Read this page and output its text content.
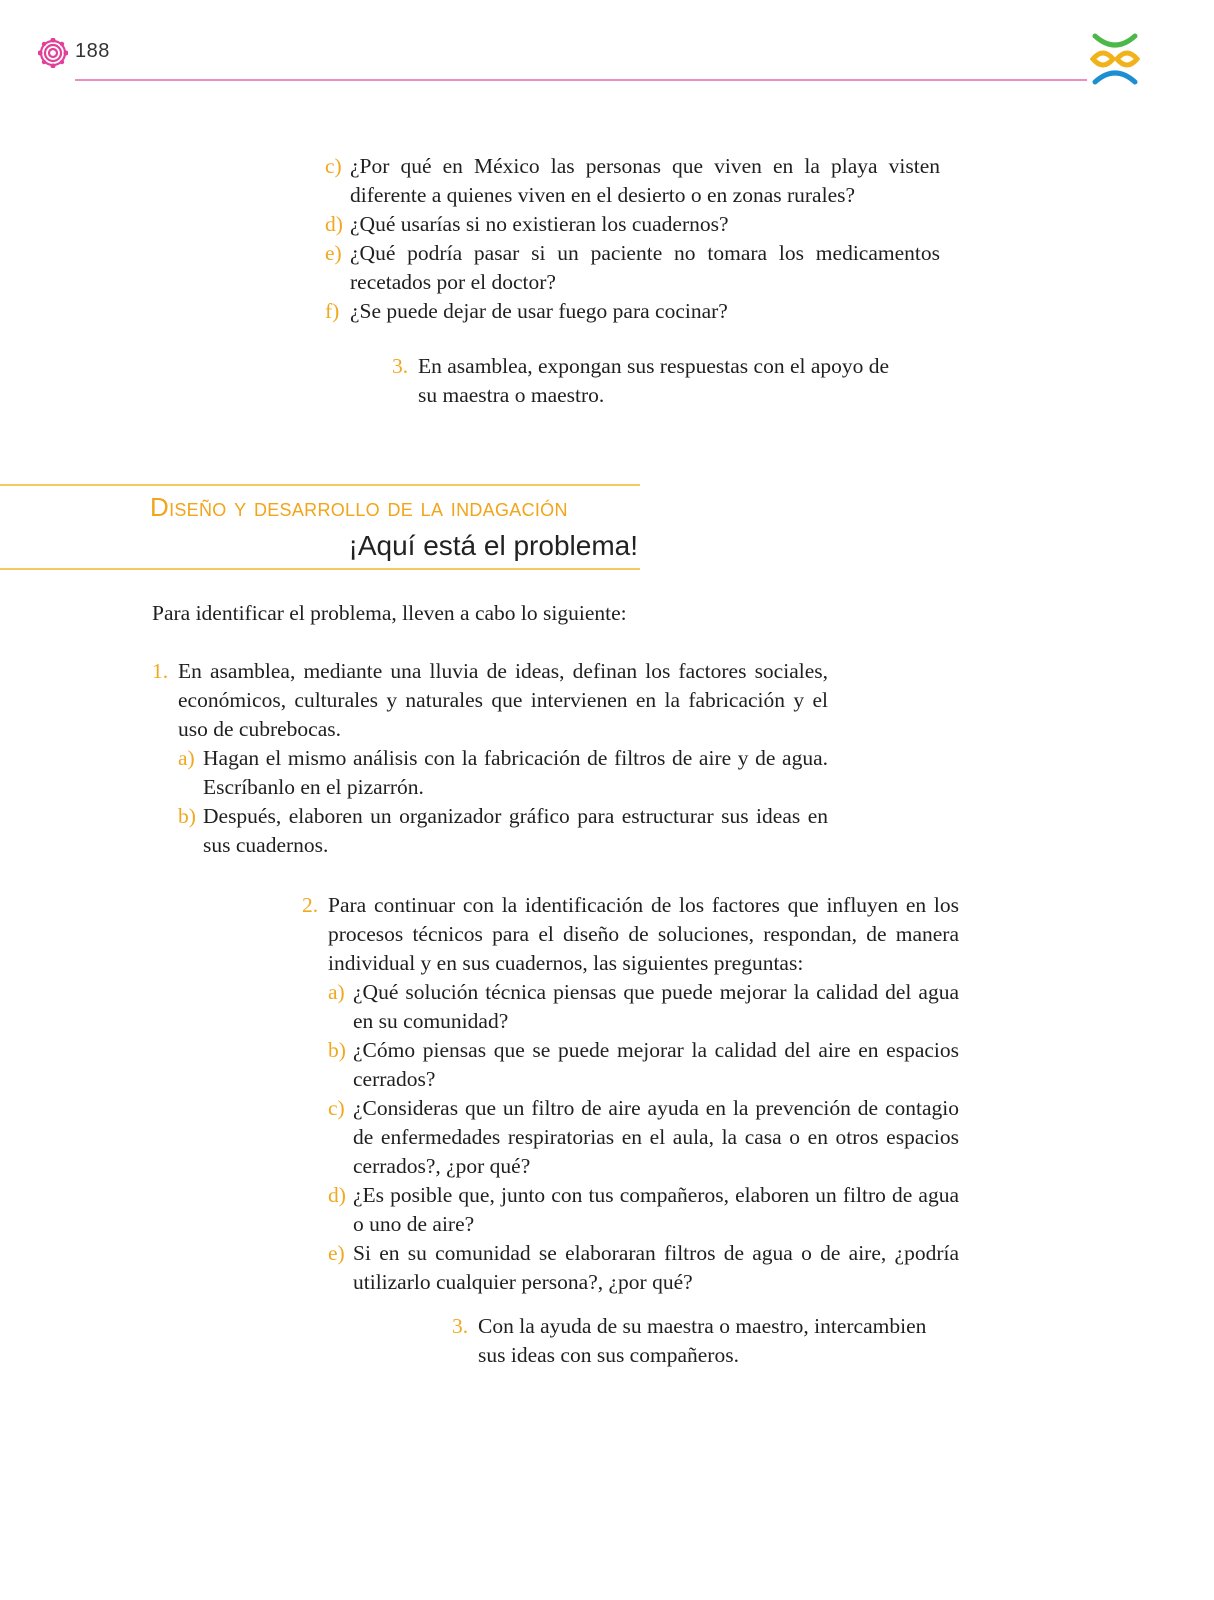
188
c) ¿Por qué en México las personas que viven en la playa visten diferente a quienes viven en el desierto o en zonas rurales?
d) ¿Qué usarías si no existieran los cuadernos?
e) ¿Qué podría pasar si un paciente no tomara los medicamentos recetados por el doctor?
f) ¿Se puede dejar de usar fuego para cocinar?
3. En asamblea, expongan sus respuestas con el apoyo de su maestra o maestro.
Diseño y desarrollo de la indagación
¡Aquí está el problema!
Para identificar el problema, lleven a cabo lo siguiente:
1. En asamblea, mediante una lluvia de ideas, definan los factores sociales, económicos, culturales y naturales que intervienen en la fabricación y el uso de cubrebocas.
a) Hagan el mismo análisis con la fabricación de filtros de aire y de agua. Escríbanlo en el pizarrón.
b) Después, elaboren un organizador gráfico para estructurar sus ideas en sus cuadernos.
2. Para continuar con la identificación de los factores que influyen en los procesos técnicos para el diseño de soluciones, respondan, de manera individual y en sus cuadernos, las siguientes preguntas:
a) ¿Qué solución técnica piensas que puede mejorar la calidad del agua en su comunidad?
b) ¿Cómo piensas que se puede mejorar la calidad del aire en espacios cerrados?
c) ¿Consideras que un filtro de aire ayuda en la prevención de contagio de enfermedades respiratorias en el aula, la casa o en otros espacios cerrados?, ¿por qué?
d) ¿Es posible que, junto con tus compañeros, elaboren un filtro de agua o uno de aire?
e) Si en su comunidad se elaboraran filtros de agua o de aire, ¿podría utilizarlo cualquier persona?, ¿por qué?
3. Con la ayuda de su maestra o maestro, intercambien sus ideas con sus compañeros.
